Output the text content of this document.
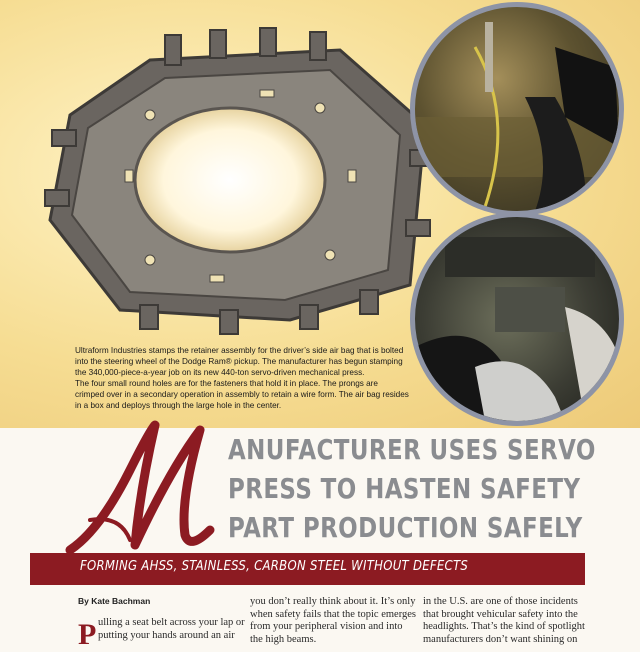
Ultraform Industries stamps the retainer assembly for the driver’s side air bag that is bolted
into the steering wheel of the Dodge Ram® pickup. The manufacturer has begun stamping
the 340,000-piece-a-year job on its new 440-ton servo-driven mechanical press.
The four small round holes are for the fasteners that hold it in place. The prongs are
crimped over in a secondary operation in assembly to retain a wire form. The air bag resides
in a box and deploys through the large hole in the center.

ANUFACTURER USES SERVO
PRESS TO HASTEN SAFETY
PART PRODUCTION SAFELY

FORMING AHSS, STAINLESS, CARBON STEEL WITHOUT DEFECTS

By Kate Bachman

P ulling a seat belt across your lap or
putting your hands around an air

you don’t really think about it. It’s only
when safety fails that the topic emerges
from your peripheral vision and into
the high beams.

in the U.S. are one of those incidents
that brought vehicular safety into the
headlights. That’s the kind of spotlight
manufacturers don’t want shining on
